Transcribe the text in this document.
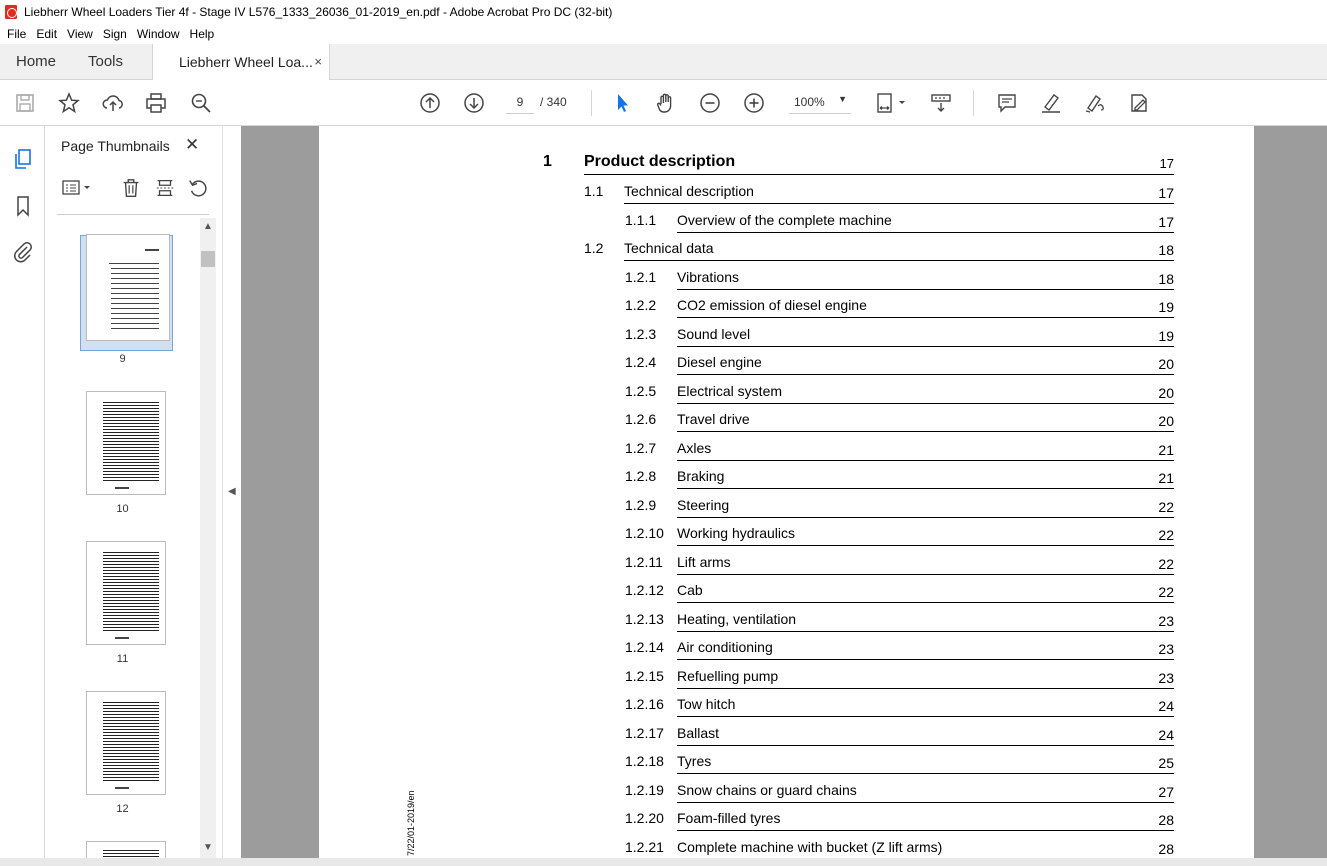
Liebherr Wheel Loaders Tier 4f - Stage IV L576_1333_26036_01-2019_en.pdf - Adobe Acrobat Pro DC (32-bit)
File Edit View Sign Window Help
Home Tools	Liebherr Wheel Loa... ×
9
/ 340	100% ▼
Page Thumbnails ✕
9
10
11
12
▲
▼
◀
1 Product description	17
1.1 Technical description	17
1.1.1 Overview of the complete machine	17
1.2 Technical data	18
1.2.1 Vibrations	18
1.2.2 CO2 emission of diesel engine	19
1.2.3 Sound level	19
1.2.4 Diesel engine	20
1.2.5 Electrical system	20
1.2.6 Travel drive	20
1.2.7 Axles	21
1.2.8 Braking	21
1.2.9 Steering	22
1.2.10 Working hydraulics	22
1.2.11 Lift arms	22
1.2.12 Cab	22
1.2.13 Heating, ventilation	23
1.2.14 Air conditioning	23
1.2.15 Refuelling pump	23
1.2.16 Tow hitch	24
1.2.17 Ballast	24
1.2.18 Tyres	25
1.2.19 Snow chains or guard chains	27
1.2.20 Foam-filled tyres	28
1.2.21 Complete machine with bucket (Z lift arms)	28
7/22/01-2019/en
